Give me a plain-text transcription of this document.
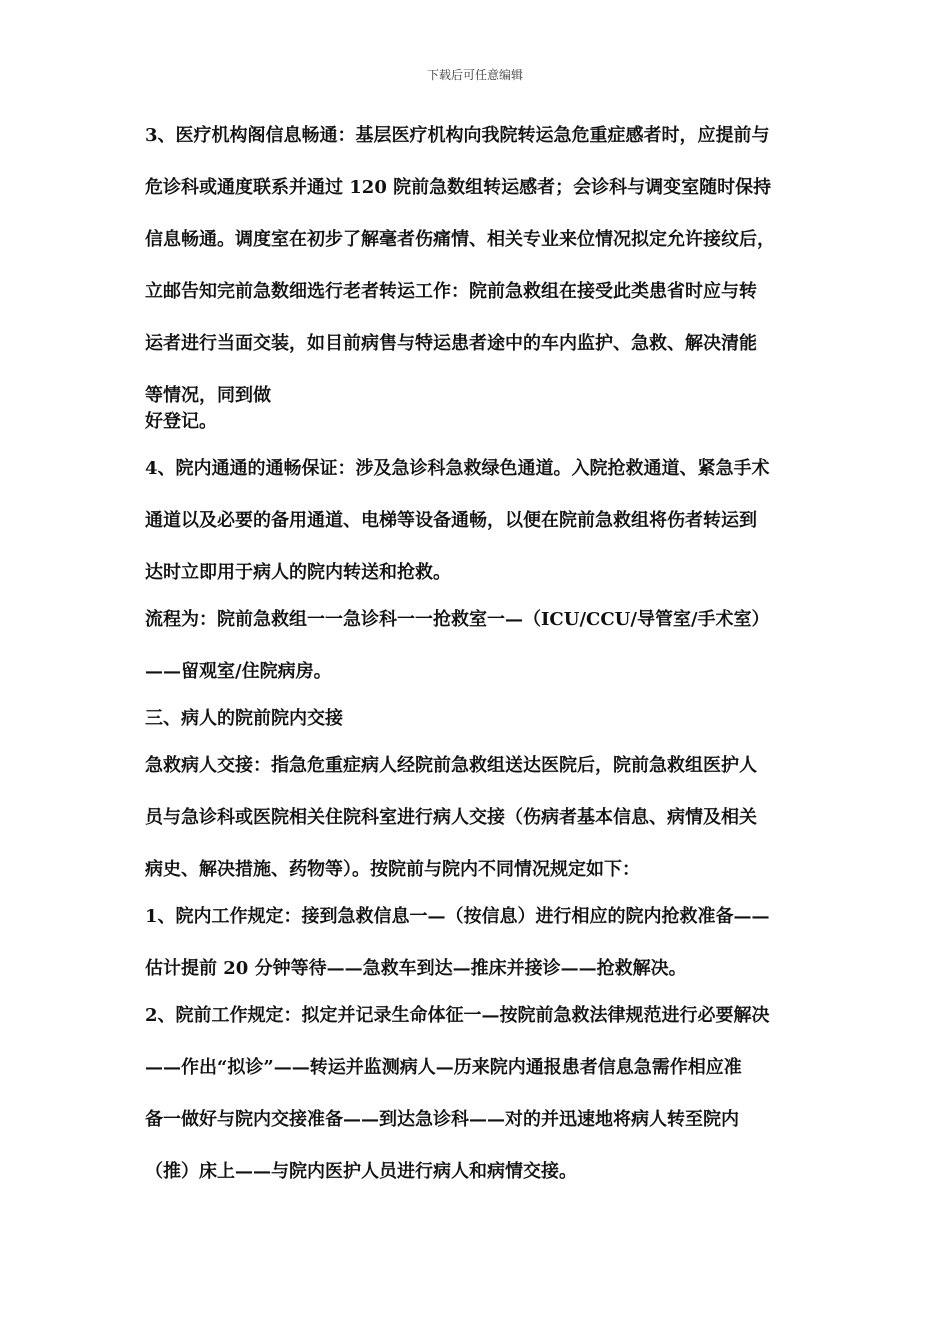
下载后可任意编辑
3、医疗机构阁信息畅通：基层医疗机构向我院转运急危重症感者时，应提前与
危诊科或通度联系并通过 120 院前急数组转运感者；会诊科与调变室随时保持
信息畅通。调度室在初步了解毫者伤痛情、相关专业来位情况拟定允许接纹后，
立邮告知完前急数细选行老者转运工作：院前急救组在接受此类患省时应与转
运者进行当面交装，如目前病售与特运患者途中的车内监护、急救、解决清能
等情况，同到做
好登记。
4、院内通通的通畅保证：涉及急诊科急救绿色通道。入院抢救通道、紧急手术
通道以及必要的备用通道、电梯等设备通畅，以便在院前急救组将伤者转运到
达时立即用于病人的院内转送和抢救。
流程为：院前急救组一一急诊科一一抢救室一—（ICU/CCU/导管室/手术室）
——留观室/住院病房。
三、病人的院前院内交接
急救病人交接：指急危重症病人经院前急救组送达医院后，院前急救组医护人
员与急诊科或医院相关住院科室进行病人交接（伤病者基本信息、病情及相关
病史、解决措施、药物等）。按院前与院内不同情况规定如下：
1、院内工作规定：接到急救信息一—（按信息）进行相应的院内抢救准备——
估计提前 20 分钟等待——急救车到达—推床并接诊——抢救解决。
2、院前工作规定：拟定并记录生命体征一—按院前急救法律规范进行必要解决
——作出“拟诊”——转运并监测病人—历来院内通报患者信息急需作相应准
备一做好与院内交接准备——到达急诊科——对的并迅速地将病人转至院内
（推）床上——与院内医护人员进行病人和病情交接。
